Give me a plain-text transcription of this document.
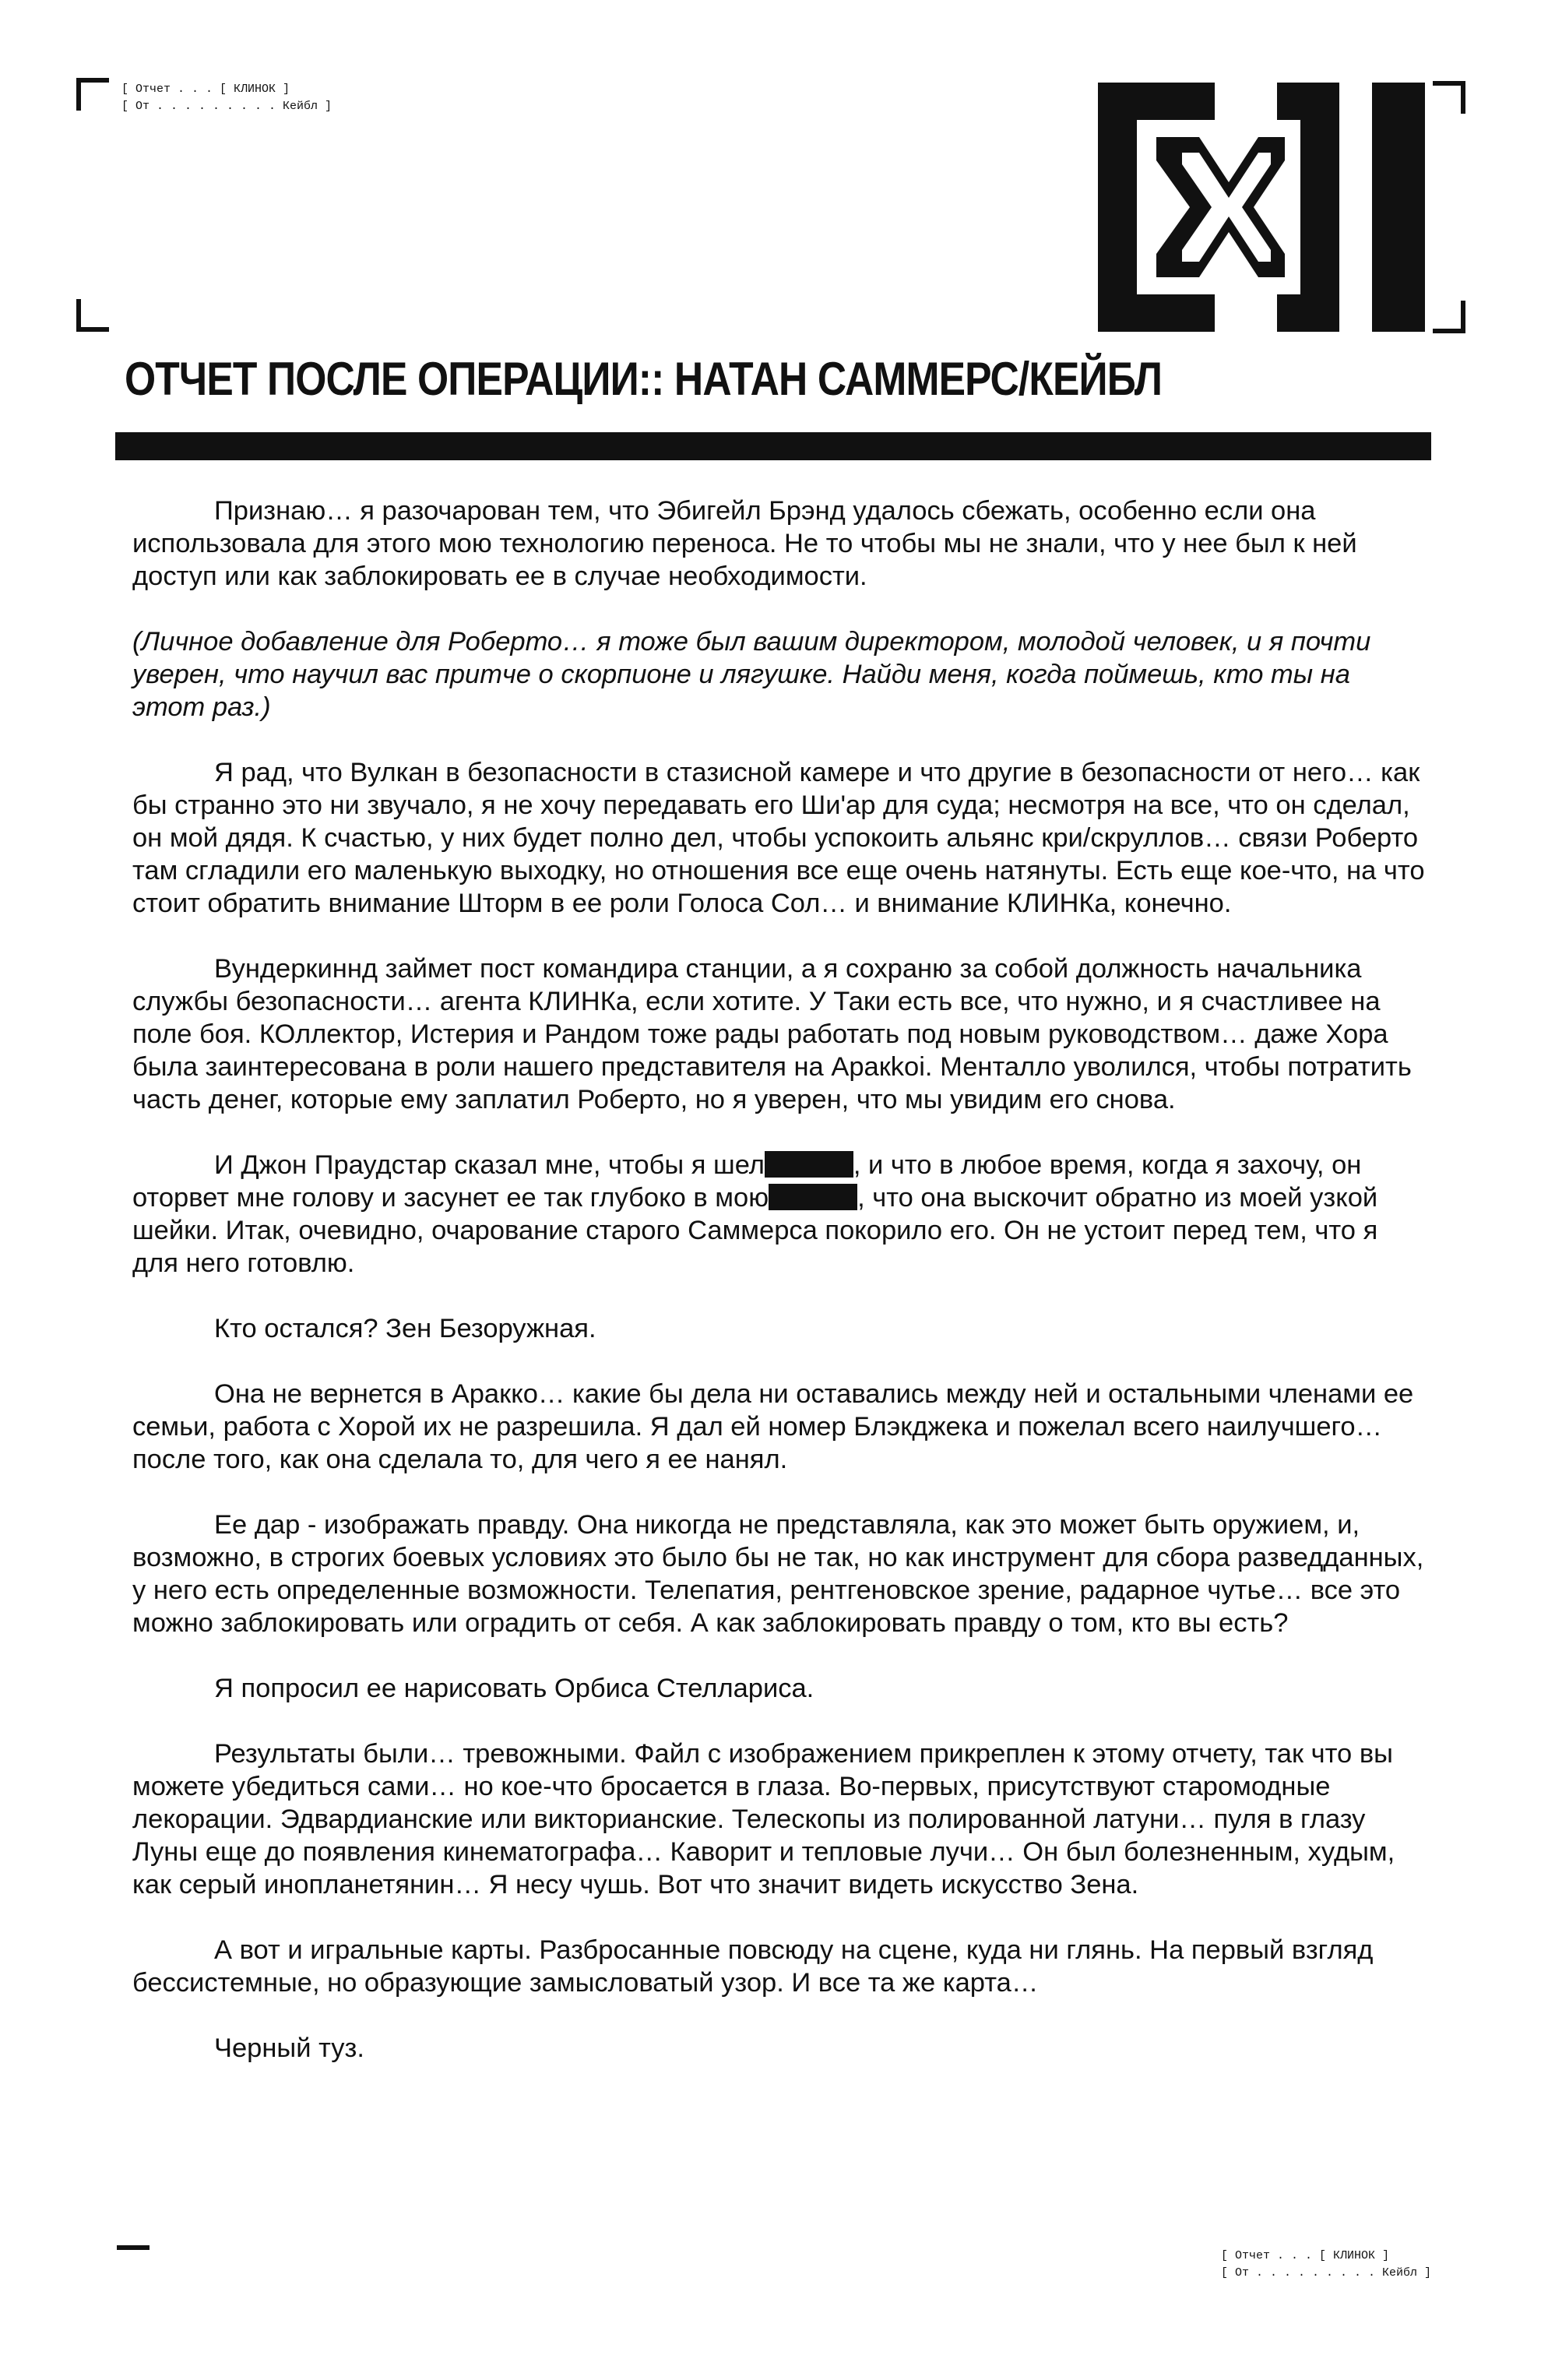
[ Отчет . . . [ КЛИНОК ]
[ От . . . . . . . . . Кейбл ]
ОТЧЕТ ПОСЛЕ ОПЕРАЦИИ:: НАТАН САММЕРС/КЕЙБЛ

Признаю… я разочарован тем, что Эбигейл Брэнд удалось сбежать, особенно если она использовала для этого мою технологию переноса. Не то чтобы мы не знали, что у нее был к ней доступ или как заблокировать ее в случае необходимости.

(Личное добавление для Роберто… я тоже был вашим директором, молодой человек, и я почти уверен, что научил вас притче о скорпионе и лягушке. Найди меня, когда поймешь, кто ты на этот раз.)

Я рад, что Вулкан в безопасности в стазисной камере и что другие в безопасности от него… как бы странно это ни звучало, я не хочу передавать его Ши'ар для суда; несмотря на все, что он сделал, он мой дядя. К счастью, у них будет полно дел, чтобы успокоить альянс кри/скруллов… связи Роберто там сгладили его маленькую выходку, но отношения все еще очень натянуты. Есть еще кое-что, на что стоит обратить внимание Шторм в ее роли Голоса Сол… и внимание КЛИНКа, конечно.

Вундеркиннд займет пост командира станции, а я сохраню за собой должность начальника службы безопасности… агента КЛИНКа, если хотите. У Таки есть все, что нужно, и я счастливее на поле боя. КОллектор, Истерия и Рандом тоже рады работать под новым руководством… даже Хора была заинтересована в роли нашего представителя на Аракkoi. Менталло уволился, чтобы потратить часть денег, которые ему заплатил Роберто, но я уверен, что мы увидим его снова.

И Джон Праудстар сказал мне, чтобы я шел	, и что в любое время, когда я захочу, он оторвет мне голову и засунет ее так глубоко в мою	, что она выскочит обратно из моей узкой шейки. Итак, очевидно, очарование старого Саммерса покорило его. Он не устоит перед тем, что я для него готовлю.

Кто остался? Зен Безоружная.

Она не вернется в Аракко… какие бы дела ни оставались между ней и остальными членами ее семьи, работа с Хорой их не разрешила. Я дал ей номер Блэкджека и пожелал всего наилучшего… после того, как она сделала то, для чего я ее нанял.

Ее дар - изображать правду. Она никогда не представляла, как это может быть оружием, и, возможно, в строгих боевых условиях это было бы не так, но как инструмент для сбора разведданных, у него есть определенные возможности. Телепатия, рентгеновское зрение, радарное чутье… все это можно заблокировать или оградить от себя. А как заблокировать правду о том, кто вы есть?

Я попросил ее нарисовать Орбиса Стеллариса.

Результаты были… тревожными. Файл с изображением прикреплен к этому отчету, так что вы можете убедиться сами… но кое-что бросается в глаза. Во-первых, присутствуют старомодные лекорации. Эдвардианские или викторианские. Телескопы из полированной латуни… пуля в глазу Луны еще до появления кинематографа… Каворит и тепловые лучи… Он был болезненным, худым, как серый инопланетянин… Я несу чушь. Вот что значит видеть искусство Зена.

А вот и игральные карты. Разбросанные повсюду на сцене, куда ни глянь. На первый взгляд бессистемные, но образующие замысловатый узор. И все та же карта…

Черный туз.

[ Отчет . . . [ КЛИНОК ]
[ От . . . . . . . . . Кейбл ]
